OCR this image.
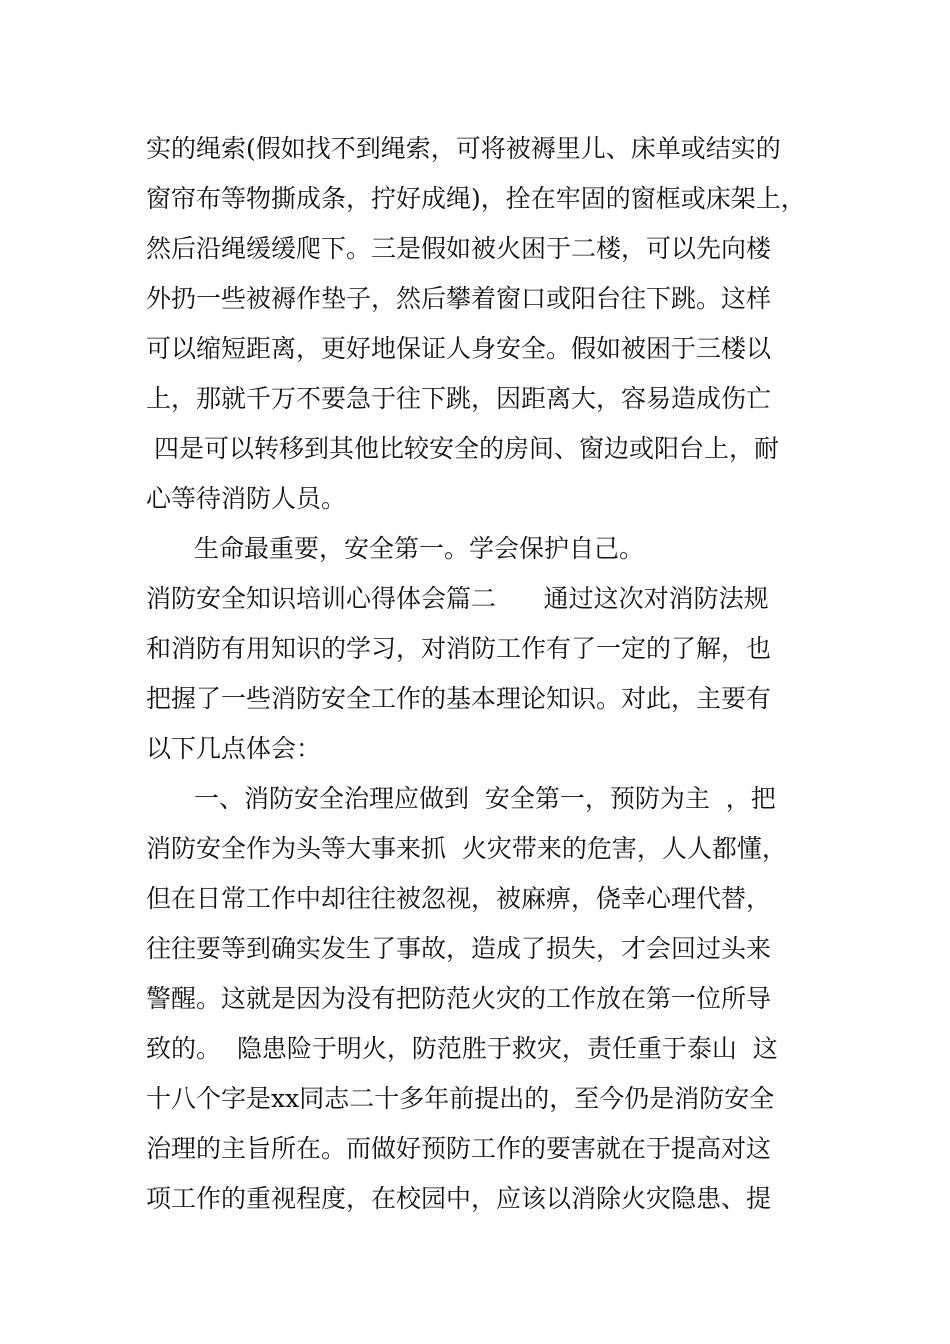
实的绳索(假如找不到绳索，可将被褥里儿、床单或结实的
窗帘布等物撕成条，拧好成绳)，拴在牢固的窗框或床架上，
然后沿绳缓缓爬下。三是假如被火困于二楼，可以先向楼
外扔一些被褥作垫子，然后攀着窗口或阳台往下跳。这样
可以缩短距离，更好地保证人身安全。假如被困于三楼以
上，那就千万不要急于往下跳，因距离大，容易造成伤亡
四是可以转移到其他比较安全的房间、窗边或阳台上，耐
心等待消防人员。
生命最重要，安全第一。学会保护自己。
消防安全知识培训心得体会篇二      通过这次对消防法规
和消防有用知识的学习，对消防工作有了一定的了解，也
把握了一些消防安全工作的基本理论知识。对此，主要有
以下几点体会：
一、消防安全治理应做到  安全第一，预防为主  ，把
消防安全作为头等大事来抓  火灾带来的危害，人人都懂，
但在日常工作中却往往被忽视，被麻痹，侥幸心理代替，
往往要等到确实发生了事故，造成了损失，才会回过头来
警醒。这就是因为没有把防范火灾的工作放在第一位所导
致的。  隐患险于明火，防范胜于救灾，责任重于泰山  这
十八个字是xx同志二十多年前提出的，至今仍是消防安全
治理的主旨所在。而做好预防工作的要害就在于提高对这
项工作的重视程度，在校园中，应该以消除火灾隐患、提
